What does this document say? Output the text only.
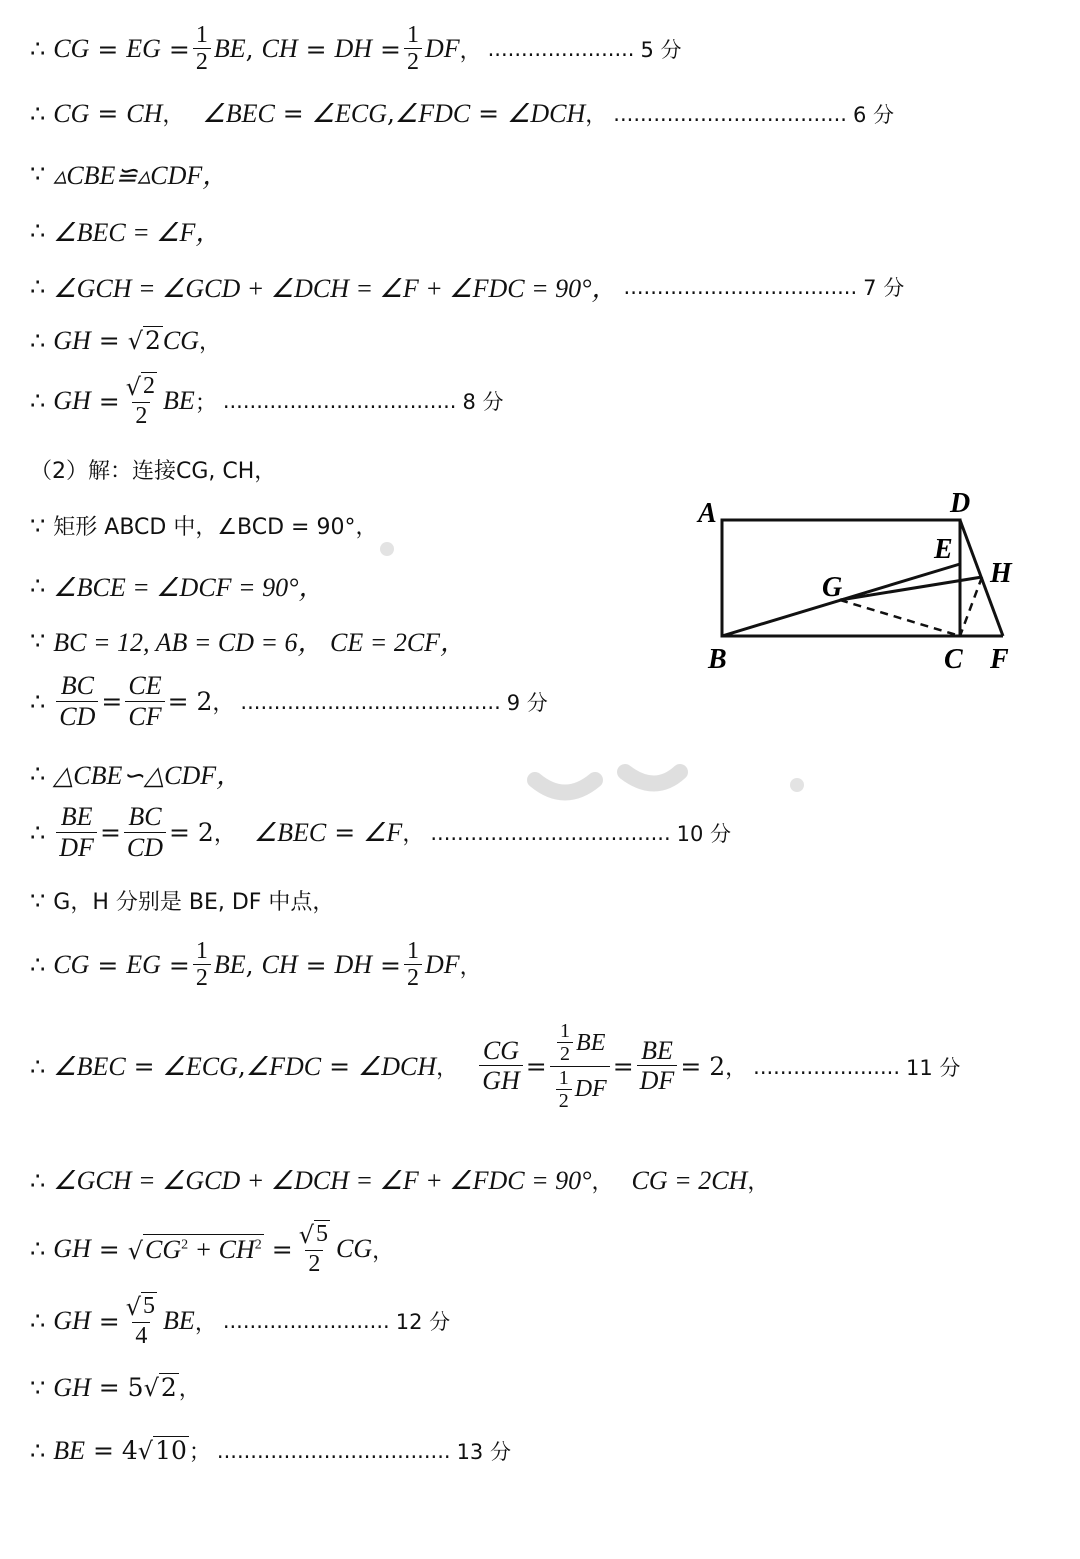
∴ CG = EG = $\frac{1}{2}$ BE , CH = DH = $\frac{1}{2}$ DF ， ...................... 5 分
∴ CG = CH ， ∠BEC = ∠ECG , ∠FDC = ∠DCH ， ................................... 6 分
∵ ▵CBE≌▵CDF，
∴ ∠BEC = ∠F，
∴ ∠GCH = ∠GCD + ∠DCH = ∠F + ∠FDC = 90°， ................................... 7 分
∴ GH = √ 2 CG ，
∴ GH = $\frac{√ 2}{2}$ BE ； ................................... 8 分
（2）解：连接CG, CH，
∵ 矩形 ABCD 中，∠BCD = 90°，
∴ ∠BCE = ∠DCF = 90°，
∵ BC = 12, AB = CD = 6， CE = 2CF，
∴ $\frac{BC}{CD} = \frac{CE}{CF} = 2$ ， ....................................... 9 分
∴ △CBE∽△CDF，
∴ $\frac{BE}{DF} = \frac{BC}{CD} = 2$ ， ∠BEC = ∠F ， .................................... 10 分
∵ G，H 分别是 BE, DF 中点，
∴ CG = EG = $\frac{1}{2}$ BE , CH = DH = $\frac{1}{2}$ DF ，
∴ ∠BEC = ∠ECG , ∠FDC = ∠DCH ， $\frac{CG}{GH} = \frac{\frac{1}{2} BE}{\frac{1}{2} DF} = \frac{BE}{DF} = 2$ ， ...................... 11 分
∴ ∠GCH = ∠GCD + ∠DCH = ∠F + ∠FDC = 90° ， CG = 2CH ，
∴ GH = √ $CG^2 + CH^2 = \frac{√ 5}{2}$ CG ，
∴ GH = $\frac{√ 5}{4}$ BE ， ......................... 12 分
∵ GH = 5 √ 2 ，
∴ BE = 4 √ 10 ； ................................... 13 分
A	D
E
H
G
B	C F
